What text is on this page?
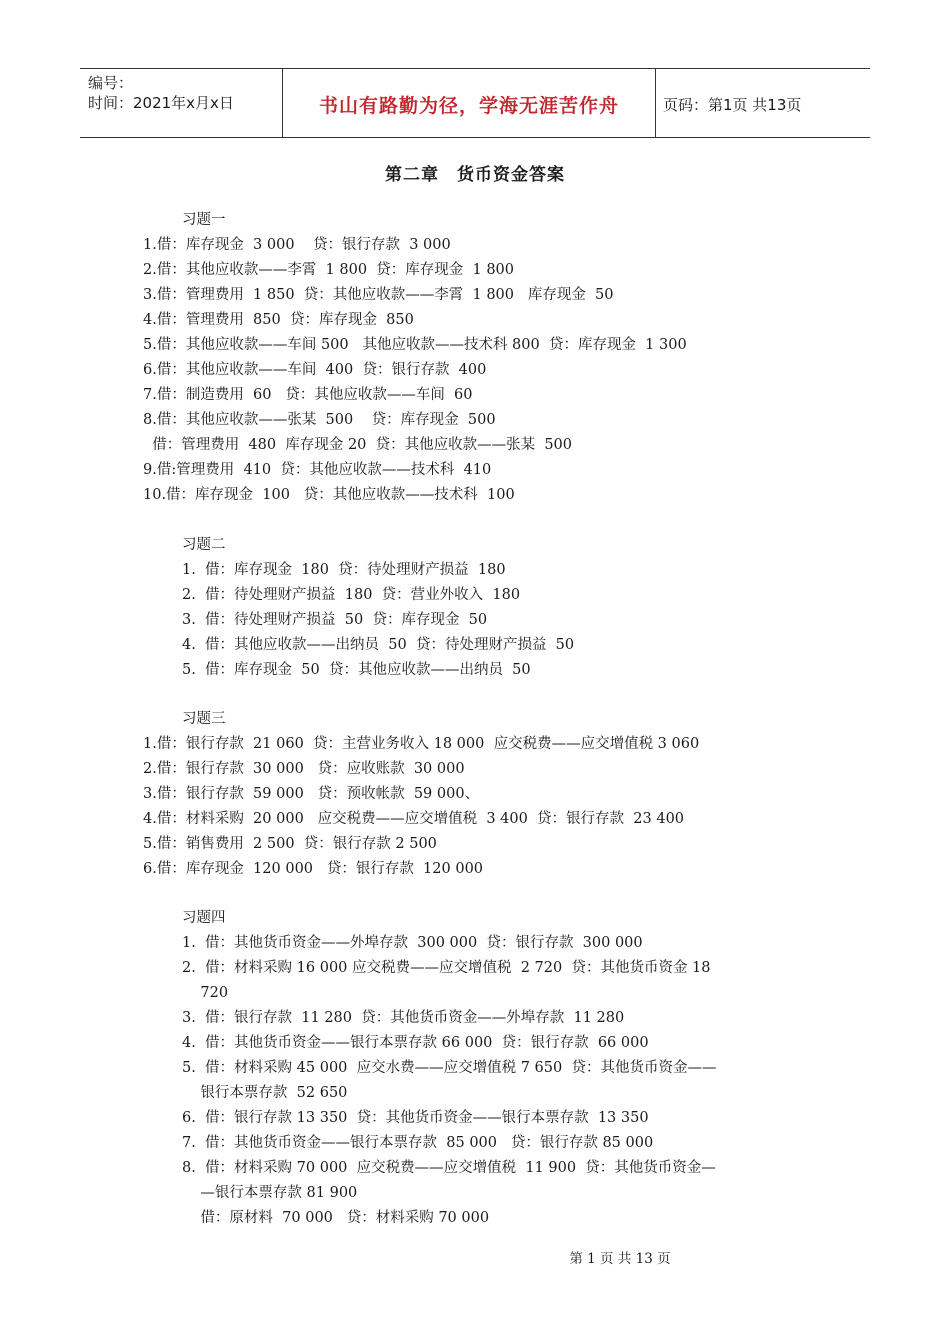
编号：
时间：2021年x月x日	书山有路勤为径，学海无涯苦作舟	页码：第1页 共13页
第二章　货币资金答案
习题一
1.借：库存现金  3 000    贷：银行存款  3 000
2.借：其他应收款——李霄  1 800  贷：库存现金  1 800
3.借：管理费用  1 850  贷：其他应收款——李霄  1 800   库存现金  50
4.借：管理费用  850  贷：库存现金  850
5.借：其他应收款——车间 500   其他应收款——技术科 800  贷：库存现金  1 300
6.借：其他应收款——车间  400  贷：银行存款  400
7.借：制造费用  60   贷：其他应收款——车间  60
8.借：其他应收款——张某  500    贷：库存现金  500
借：管理费用  480  库存现金 20  贷：其他应收款——张某  500
9.借:管理费用  410  贷：其他应收款——技术科  410
10.借：库存现金  100   贷：其他应收款——技术科  100
习题二
1.  借：库存现金  180  贷：待处理财产损益  180
2.  借：待处理财产损益  180  贷：营业外收入  180
3.  借：待处理财产损益  50  贷：库存现金  50
4.  借：其他应收款——出纳员  50  贷：待处理财产损益  50
5.  借：库存现金  50  贷：其他应收款——出纳员  50
习题三
1.借：银行存款  21 060  贷：主营业务收入 18 000  应交税费——应交增值税 3 060
2.借：银行存款  30 000   贷：应收账款  30 000
3.借：银行存款  59 000   贷：预收帐款  59 000、
4.借：材料采购  20 000   应交税费——应交增值税  3 400  贷：银行存款  23 400
5.借：销售费用  2 500  贷：银行存款 2 500
6.借：库存现金  120 000   贷：银行存款  120 000
习题四
1.  借：其他货币资金——外埠存款  300 000  贷：银行存款  300 000
2.  借：材料采购 16 000 应交税费——应交增值税  2 720  贷：其他货币资金 18
720
3.  借：银行存款  11 280  贷：其他货币资金——外埠存款  11 280
4.  借：其他货币资金——银行本票存款 66 000  贷：银行存款  66 000
5.  借：材料采购 45 000  应交水费——应交增值税 7 650  贷：其他货币资金——
银行本票存款  52 650
6.  借：银行存款 13 350  贷：其他货币资金——银行本票存款  13 350
7.  借：其他货币资金——银行本票存款  85 000   贷：银行存款 85 000
8.  借：材料采购 70 000  应交税费——应交增值税  11 900  贷：其他货币资金—
—银行本票存款 81 900
借：原材料  70 000   贷：材料采购 70 000
第 1 页 共 13 页
